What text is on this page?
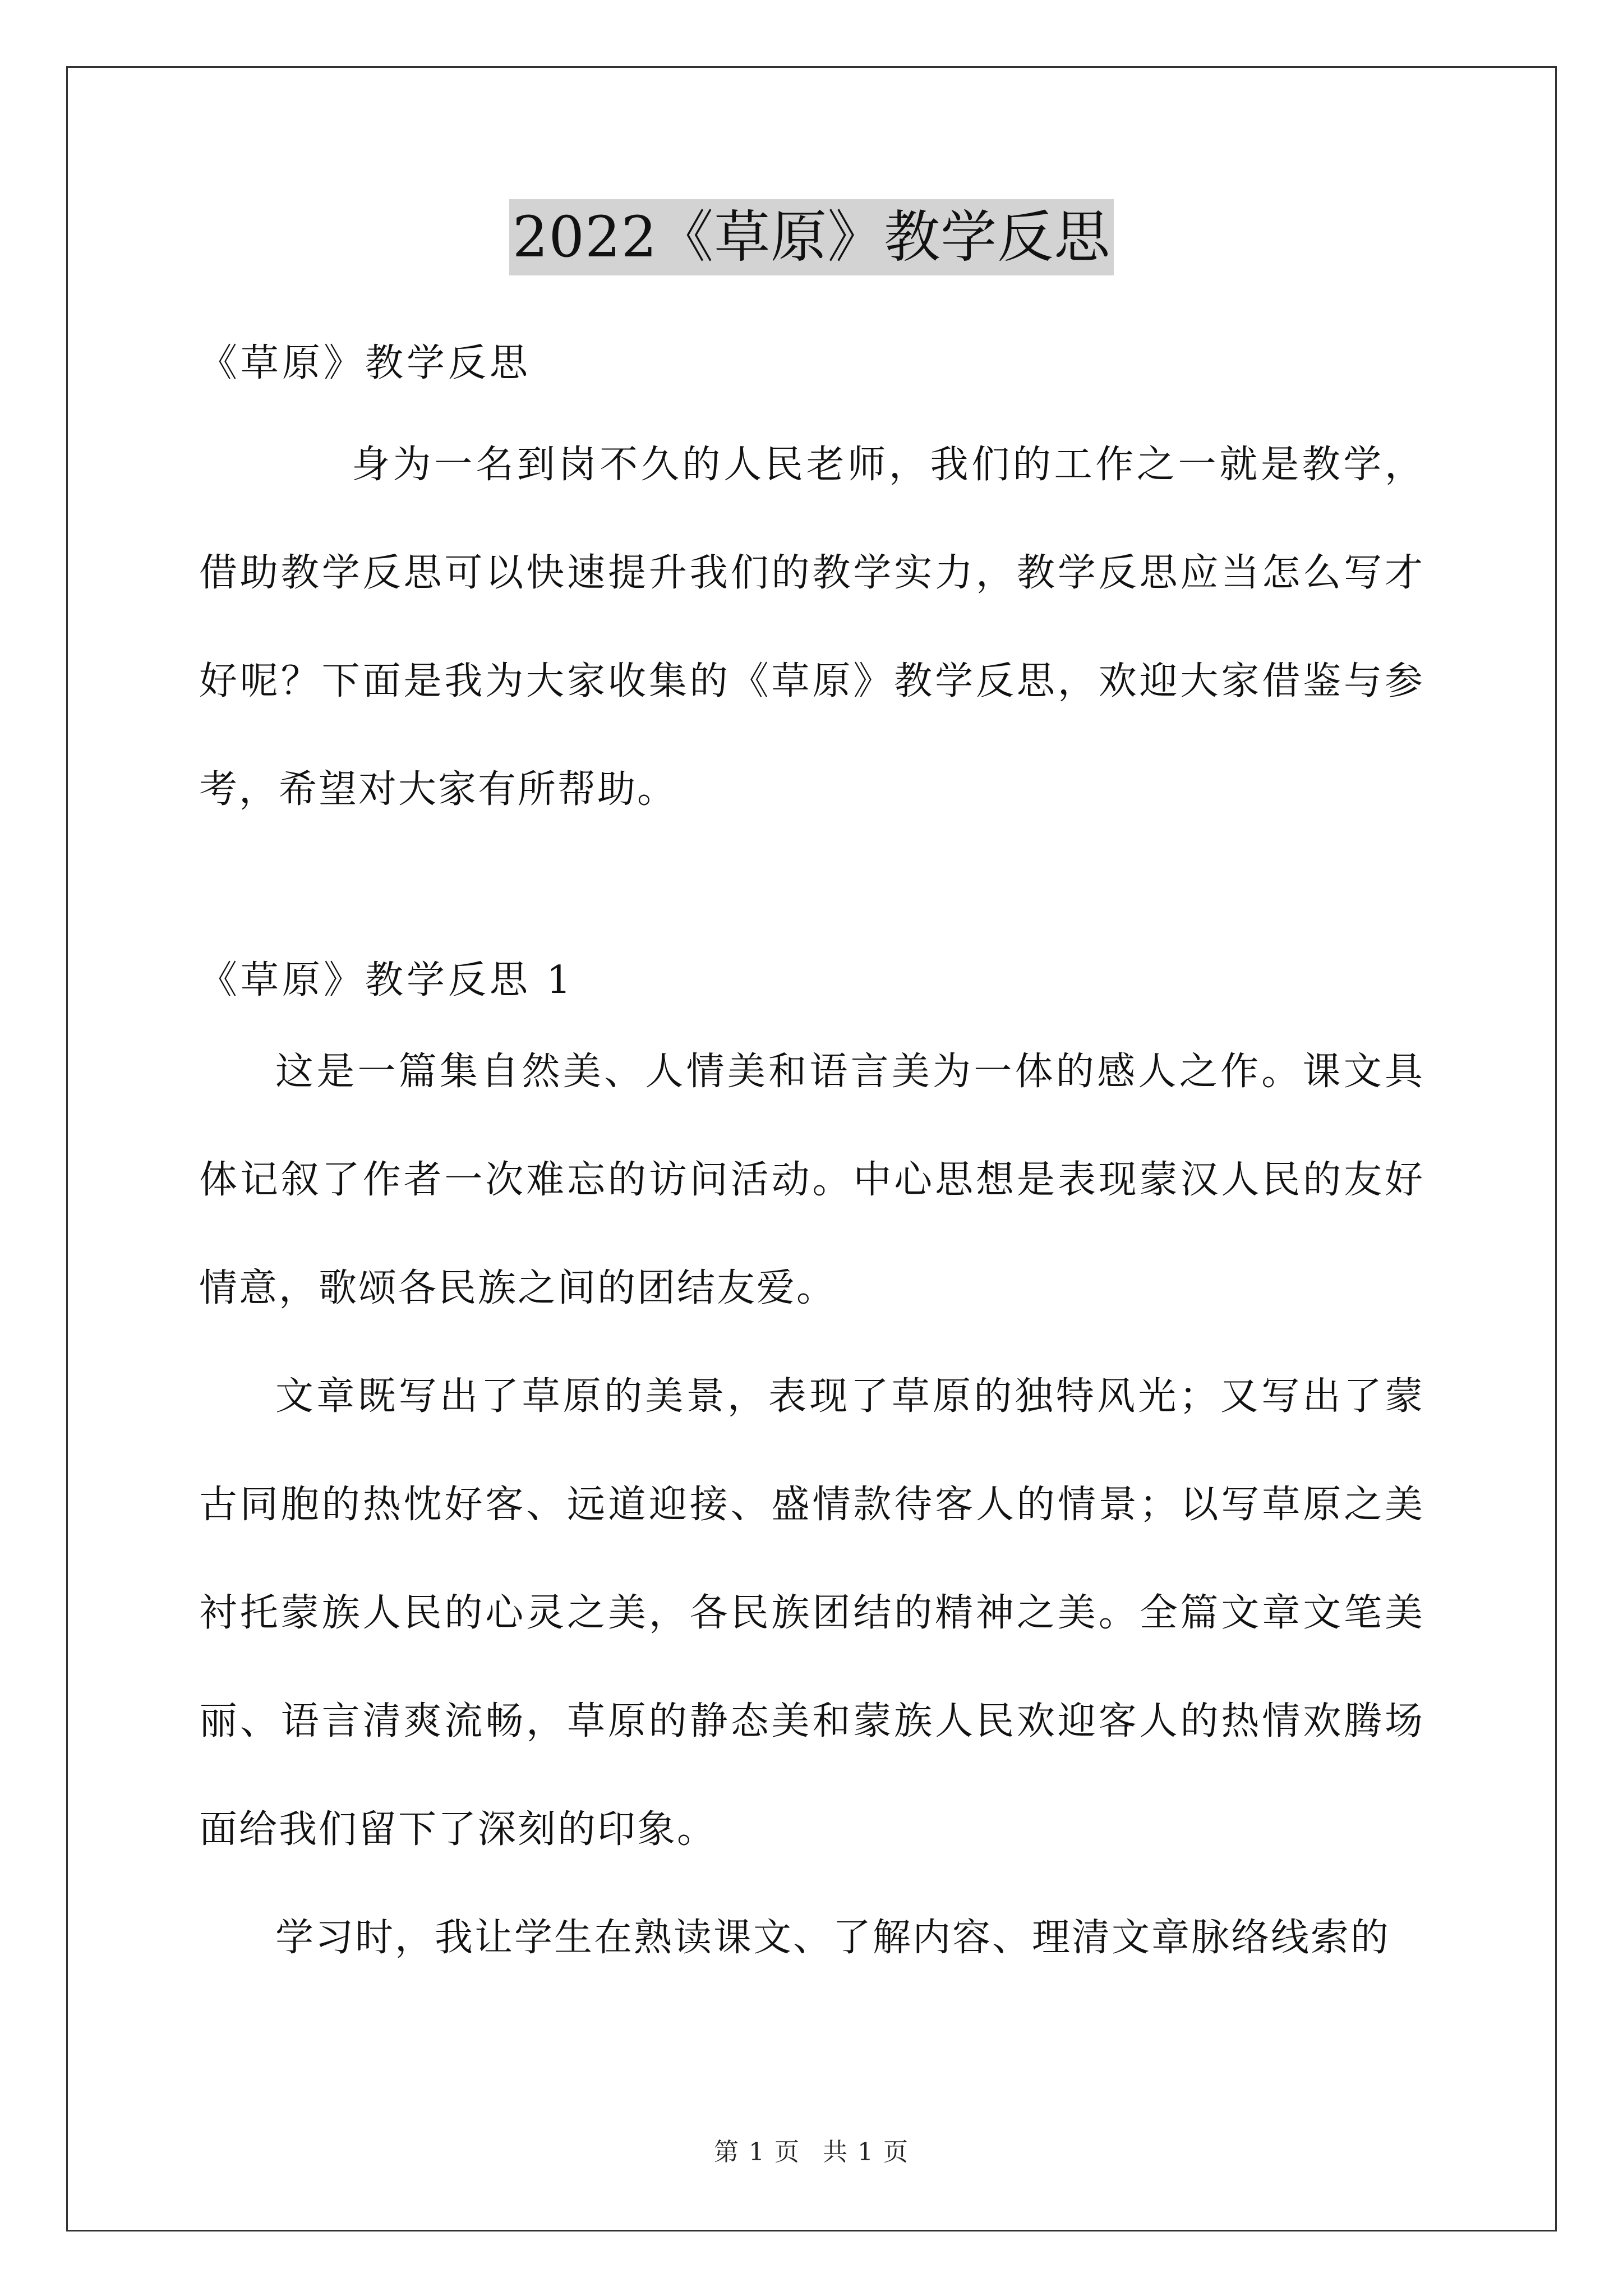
2022《草原》教学反思

《草原》教学反思

身为一名到岗不久的人民老师，我们的工作之一就是教学，借助教学反思可以快速提升我们的教学实力，教学反思应当怎么写才好呢？下面是我为大家收集的《草原》教学反思，欢迎大家借鉴与参考，希望对大家有所帮助。

《草原》教学反思 1

这是一篇集自然美、人情美和语言美为一体的感人之作。课文具体记叙了作者一次难忘的访问活动。中心思想是表现蒙汉人民的友好情意，歌颂各民族之间的团结友爱。

文章既写出了草原的美景，表现了草原的独特风光；又写出了蒙古同胞的热忱好客、远道迎接、盛情款待客人的情景；以写草原之美衬托蒙族人民的心灵之美，各民族团结的精神之美。全篇文章文笔美丽、语言清爽流畅，草原的静态美和蒙族人民欢迎客人的热情欢腾场面给我们留下了深刻的印象。

学习时，我让学生在熟读课文、了解内容、理清文章脉络线索的

第 1 页 共 1 页
